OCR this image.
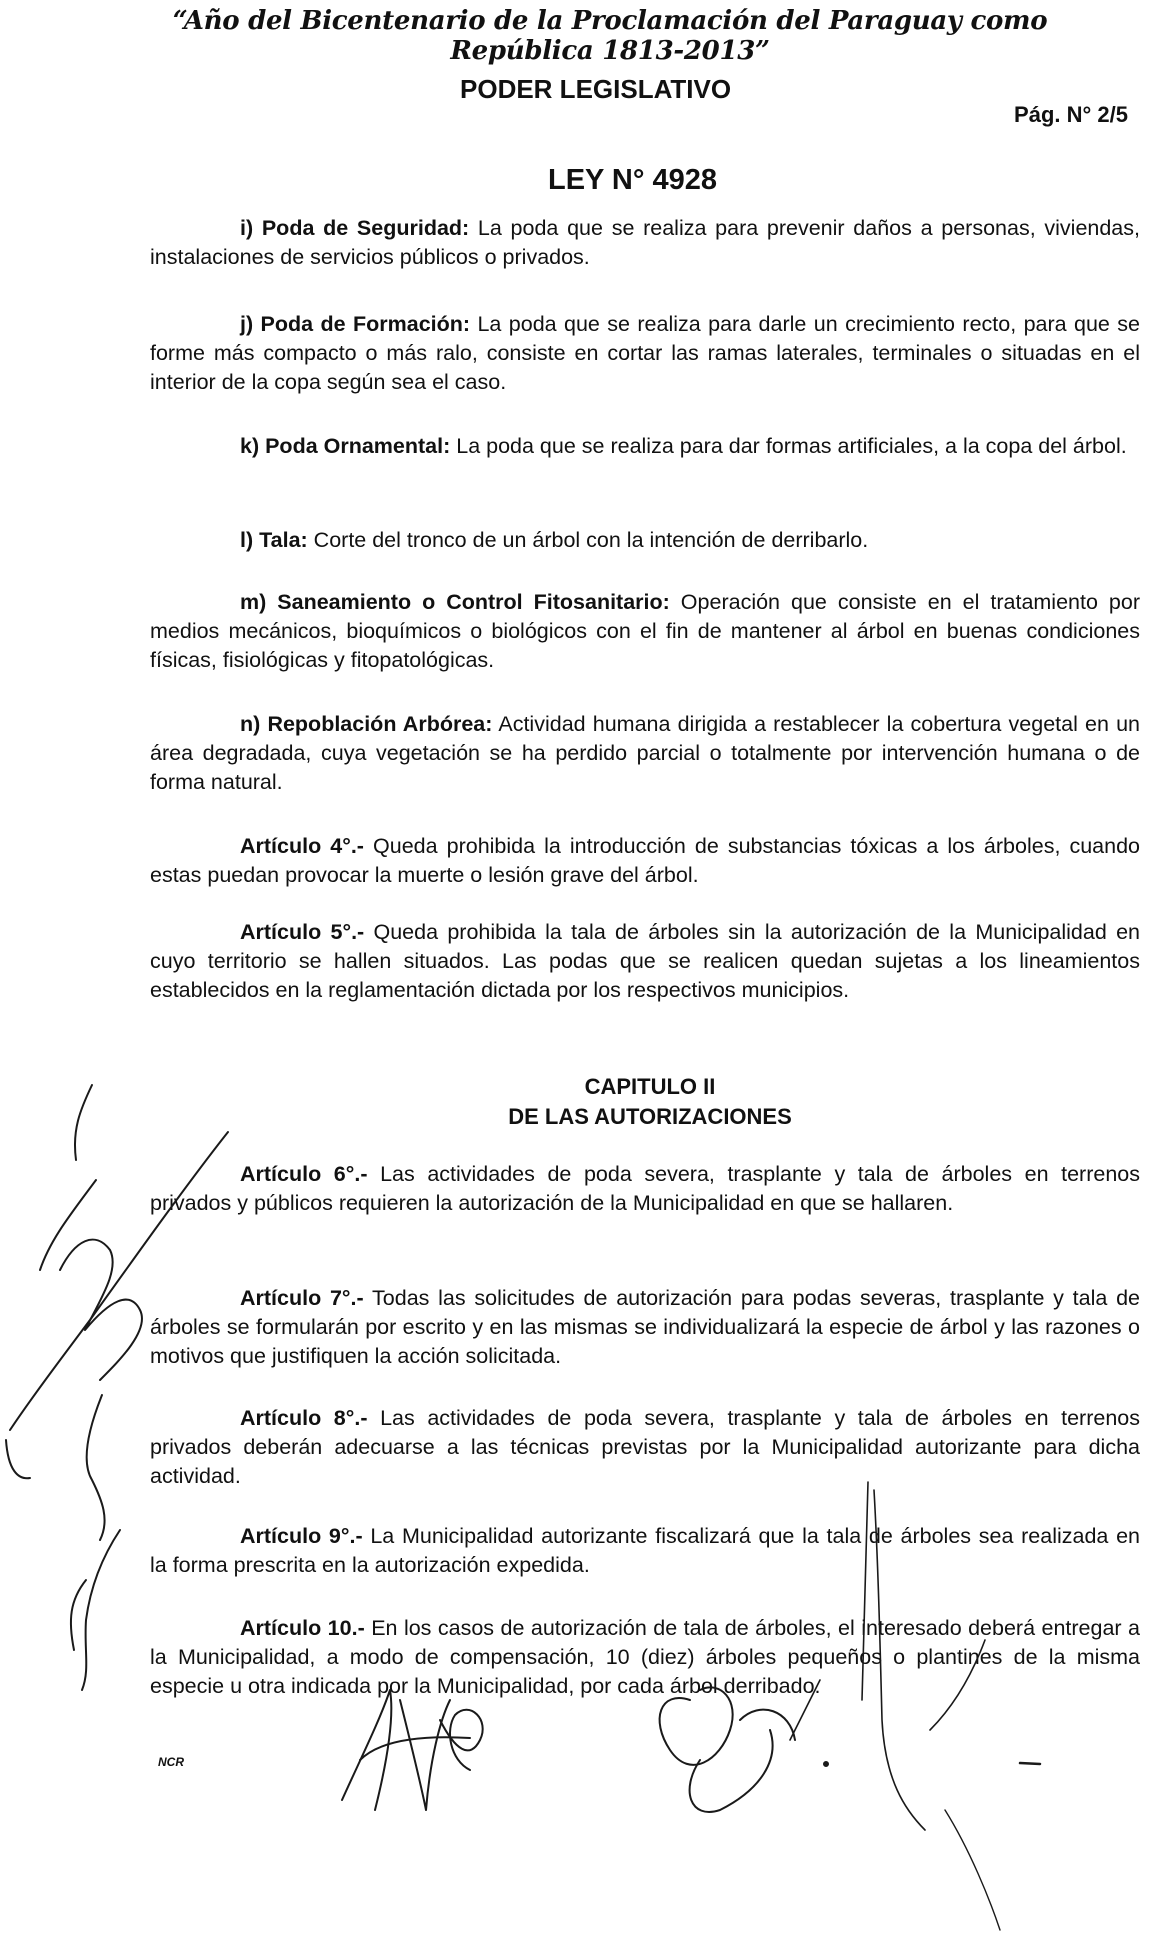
“Año del Bicentenario de la Proclamación del Paraguay como República 1813-2013”
PODER LEGISLATIVO
Pág. N° 2/5
LEY N° 4928

i) Poda de Seguridad: La poda que se realiza para prevenir daños a personas, viviendas, instalaciones de servicios públicos o privados.

j) Poda de Formación: La poda que se realiza para darle un crecimiento recto, para que se forme más compacto o más ralo, consiste en cortar las ramas laterales, terminales o situadas en el interior de la copa según sea el caso.

k) Poda Ornamental: La poda que se realiza para dar formas artificiales, a la copa del árbol.

l) Tala: Corte del tronco de un árbol con la intención de derribarlo.

m) Saneamiento o Control Fitosanitario: Operación que consiste en el tratamiento por medios mecánicos, bioquímicos o biológicos con el fin de mantener al árbol en buenas condiciones físicas, fisiológicas y fitopatológicas.

n) Repoblación Arbórea: Actividad humana dirigida a restablecer la cobertura vegetal en un área degradada, cuya vegetación se ha perdido parcial o totalmente por intervención humana o de forma natural.

Artículo 4°.- Queda prohibida la introducción de substancias tóxicas a los árboles, cuando estas puedan provocar la muerte o lesión grave del árbol.

Artículo 5°.- Queda prohibida la tala de árboles sin la autorización de la Municipalidad en cuyo territorio se hallen situados. Las podas que se realicen quedan sujetas a los lineamientos establecidos en la reglamentación dictada por los respectivos municipios.

CAPITULO II
DE LAS AUTORIZACIONES

Artículo 6°.- Las actividades de poda severa, trasplante y tala de árboles en terrenos privados y públicos requieren la autorización de la Municipalidad en que se hallaren.

Artículo 7°.- Todas las solicitudes de autorización para podas severas, trasplante y tala de árboles se formularán por escrito y en las mismas se individualizará la especie de árbol y las razones o motivos que justifiquen la acción solicitada.

Artículo 8°.- Las actividades de poda severa, trasplante y tala de árboles en terrenos privados deberán adecuarse a las técnicas previstas por la Municipalidad autorizante para dicha actividad.

Artículo 9°.- La Municipalidad autorizante fiscalizará que la tala de árboles sea realizada en la forma prescrita en la autorización expedida.

Artículo 10.- En los casos de autorización de tala de árboles, el interesado deberá entregar a la Municipalidad, a modo de compensación, 10 (diez) árboles pequeños o plantines de la misma especie u otra indicada por la Municipalidad, por cada árbol derribado.

NCR
